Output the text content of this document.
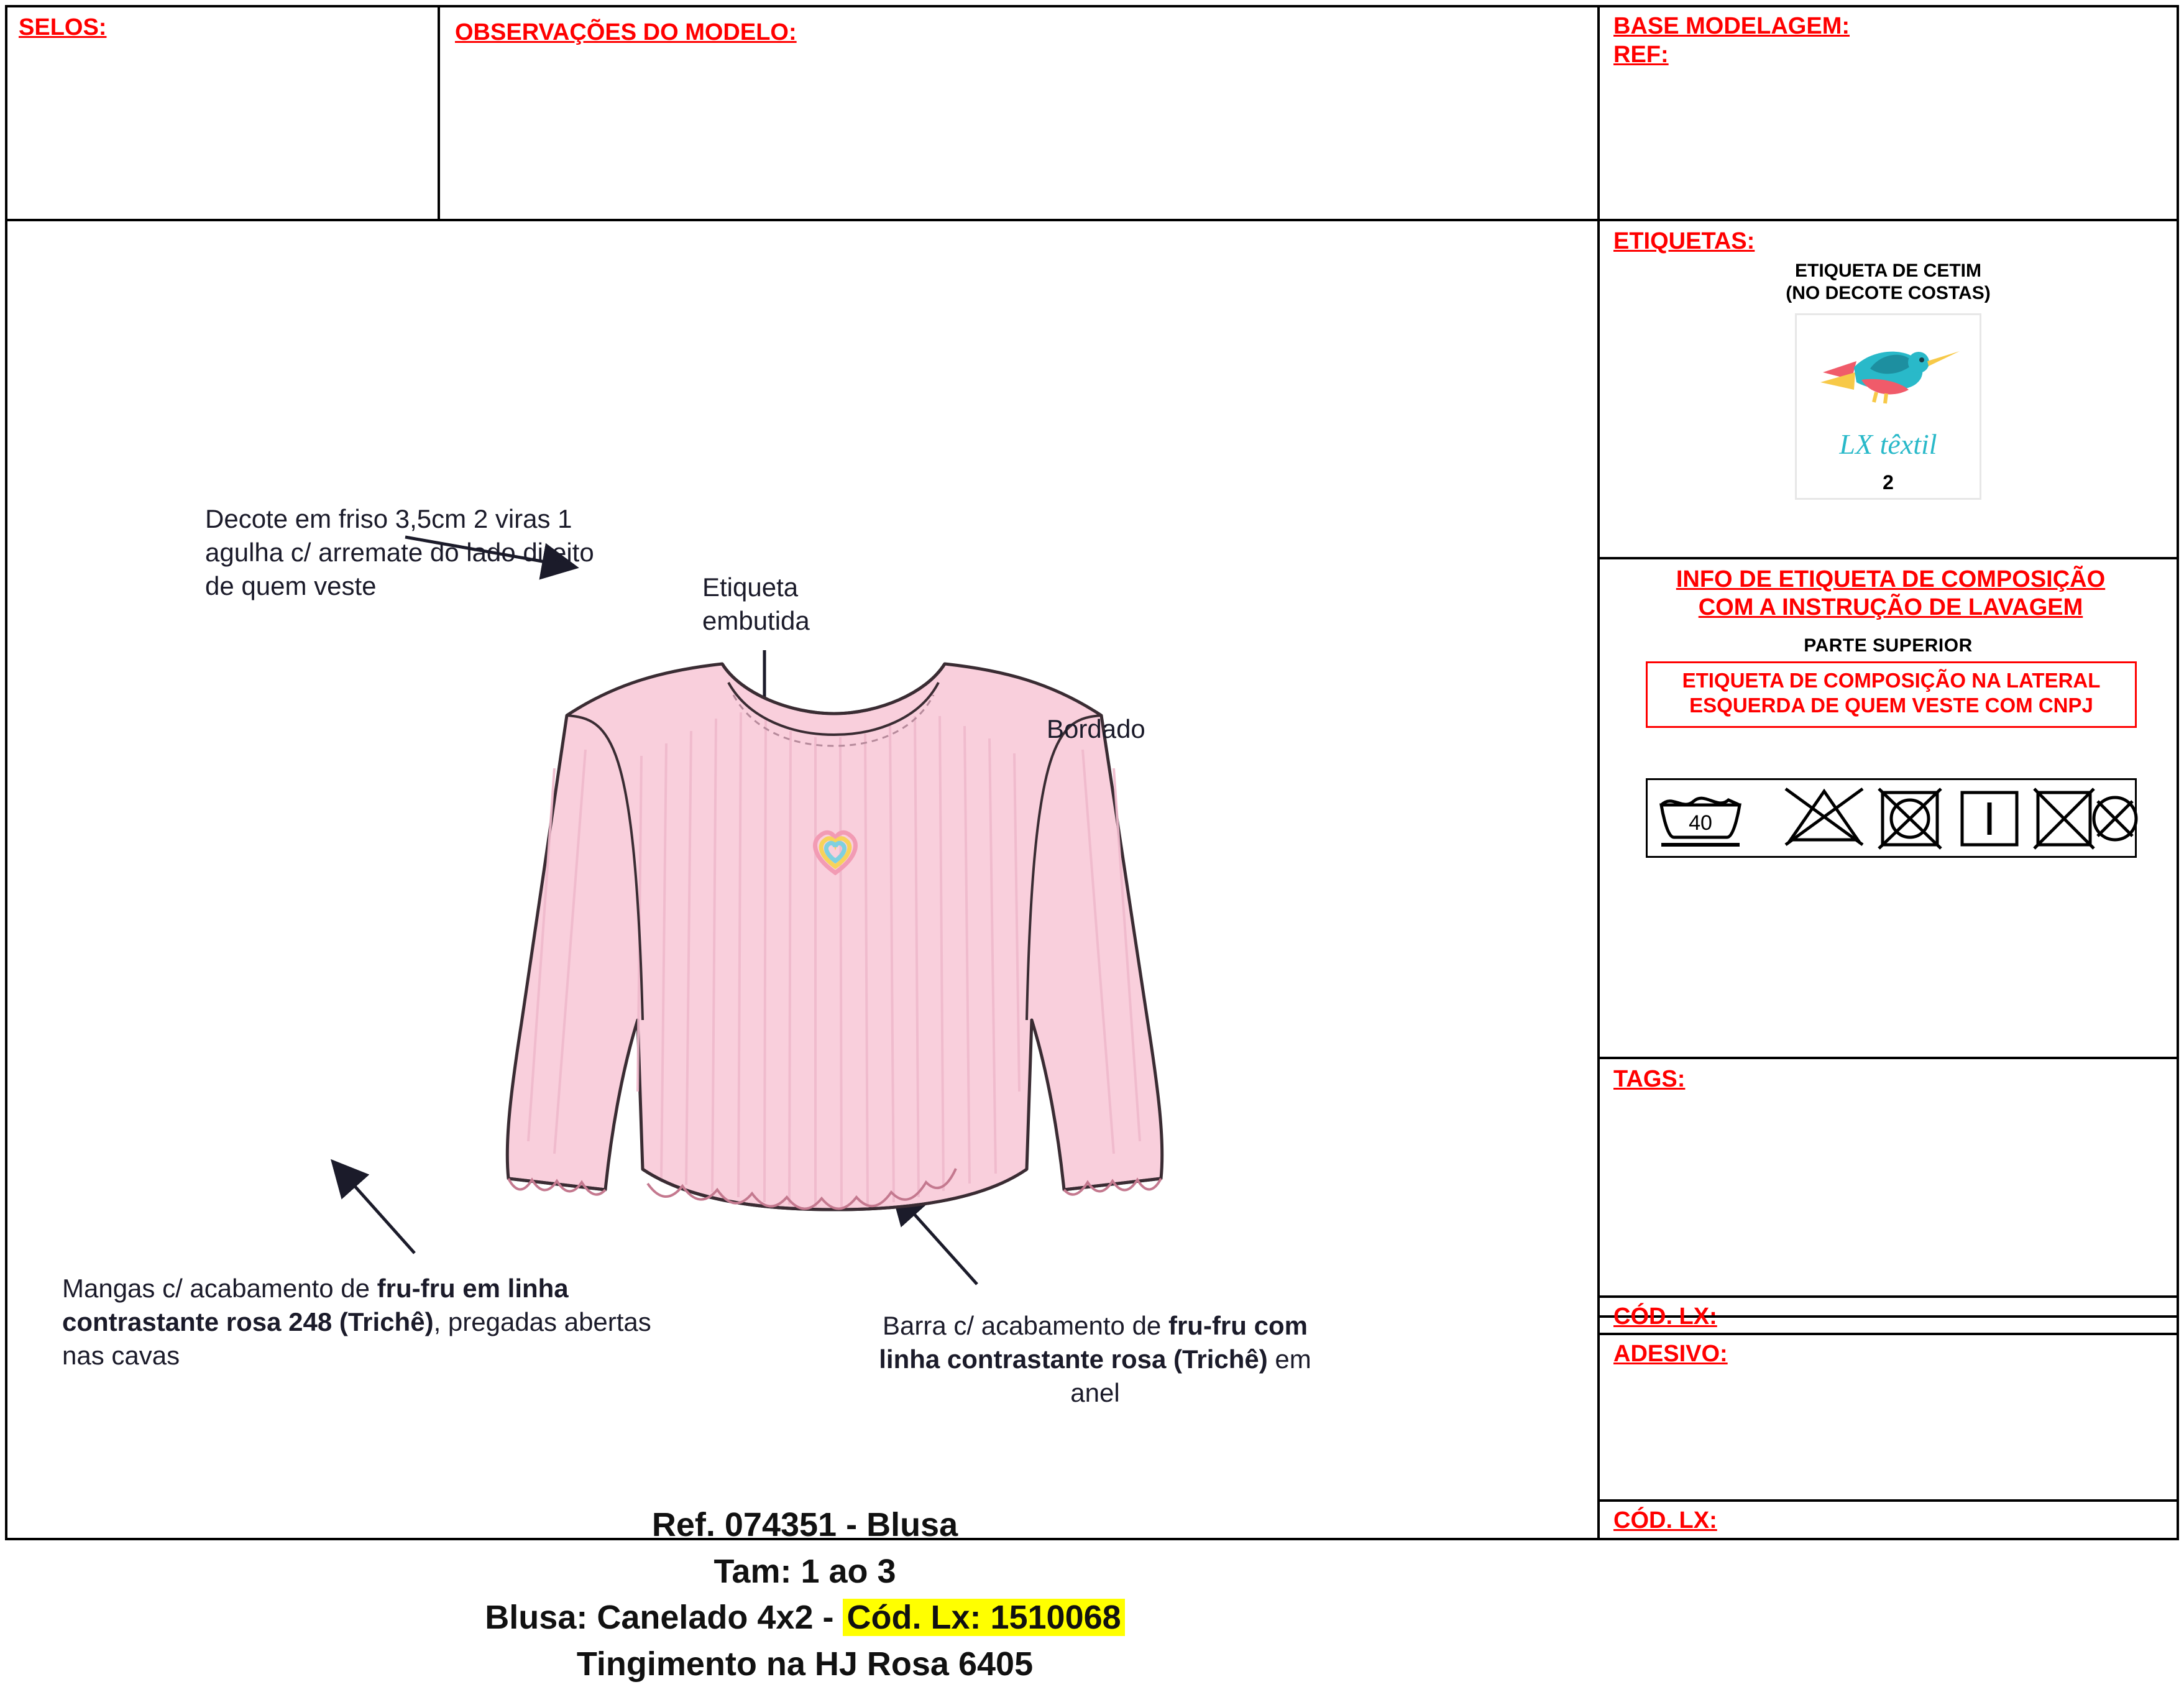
SELOS:	OBSERVAÇÕES DO MODELO:	BASE MODELAGEM:
REF:
Decote em friso 3,5cm 2 viras 1 agulha c/ arremate do lado direito de quem veste	Etiqueta embutida
Bordado
Mangas c/ acabamento de fru-fru em linha contrastante rosa 248 (Trichê), pregadas abertas nas cavas
Barra c/ acabamento de fru-fru com linha contrastante rosa (Trichê) em anel
Ref. 074351 - Blusa
Tam: 1 ao 3
Blusa: Canelado 4x2 - Cód. Lx: 1510068
Tingimento na HJ Rosa 6405
ETIQUETAS:
ETIQUETA DE CETIM
(NO DECOTE COSTAS)
LX têxtil
2
INFO DE ETIQUETA DE COMPOSIÇÃO
COM A INSTRUÇÃO DE LAVAGEM
PARTE SUPERIOR
ETIQUETA DE COMPOSIÇÃO NA LATERAL ESQUERDA DE QUEM VESTE COM CNPJ
40
TAGS:
CÓD. LX:
ADESIVO:
CÓD. LX:
